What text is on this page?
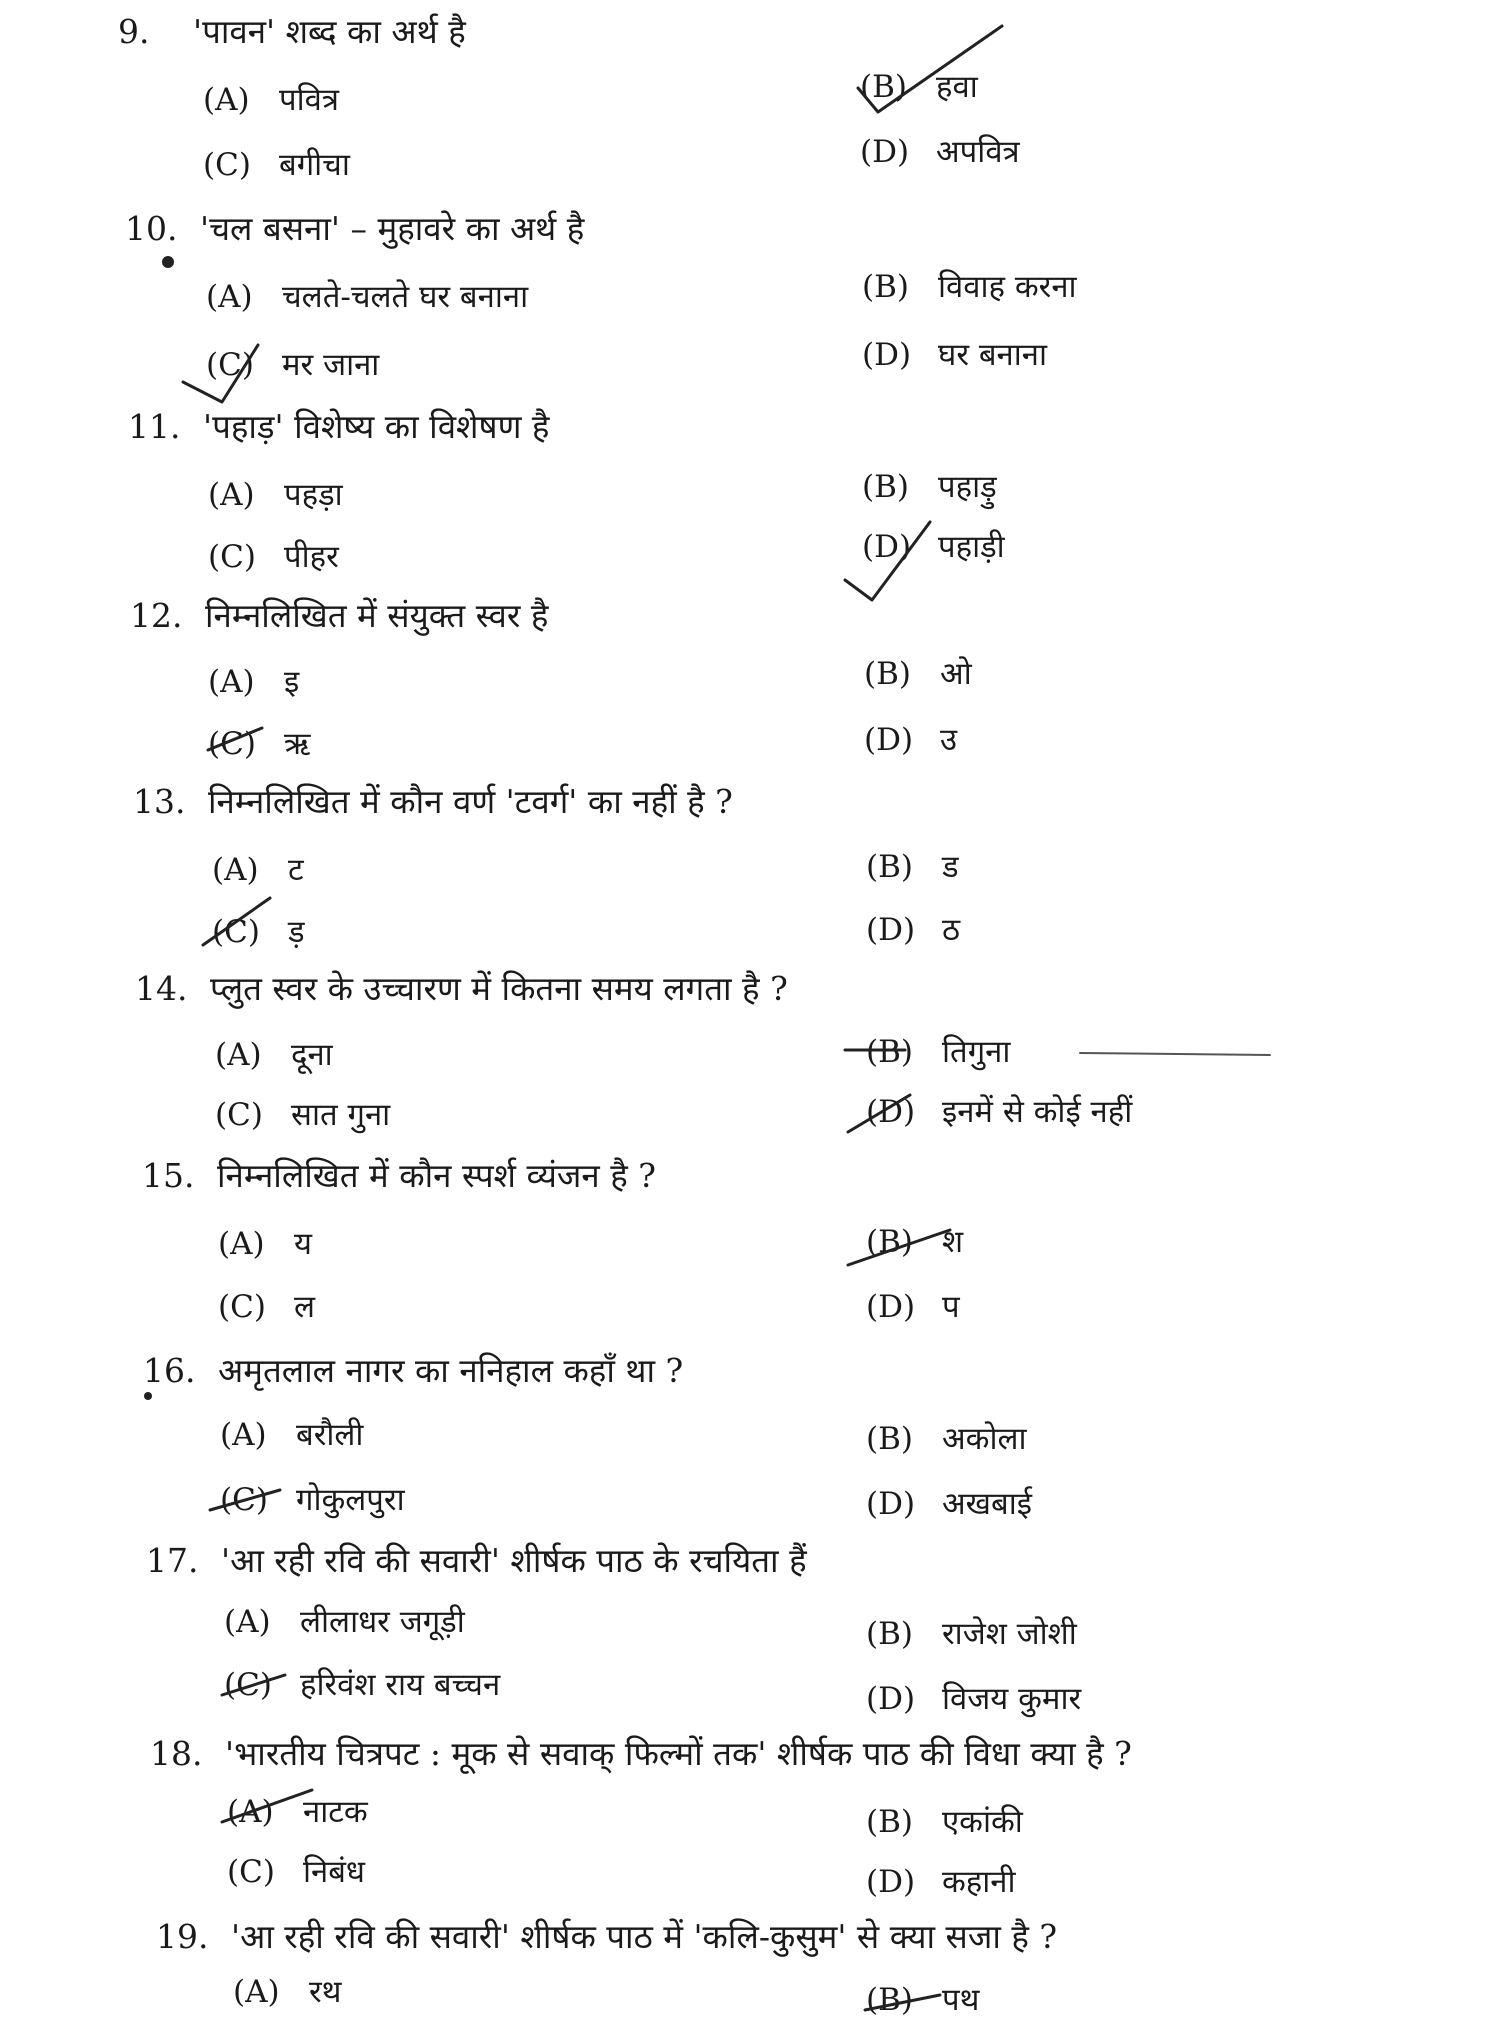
9. 'पावन' शब्द का अर्थ है
(A) पवित्र	(B) हवा
(C) बगीचा	(D) अपवित्र
10. 'चल बसना' – मुहावरे का अर्थ है
(A) चलते-चलते घर बनाना	(B) विवाह करना
(C) मर जाना	(D) घर बनाना
11. 'पहाड़' विशेष्य का विशेषण है
(A) पहड़ा	(B) पहाड़ु
(C) पीहर	(D) पहाड़ी
12. निम्नलिखित में संयुक्त स्वर है
(A) इ	(B) ओ
(C) ऋ	(D) उ
13. निम्नलिखित में कौन वर्ण 'टवर्ग' का नहीं है ?
(A) ट	(B) ड
(C) ड़	(D) ठ
14. प्लुत स्वर के उच्चारण में कितना समय लगता है ?
(A) दूना	(B) तिगुना
(C) सात गुना	(D) इनमें से कोई नहीं
15. निम्नलिखित में कौन स्पर्श व्यंजन है ?
(A) य	(B) श
(C) ल	(D) प
16. अमृतलाल नागर का ननिहाल कहाँ था ?
(A) बरौली	(B) अकोला
(C) गोकुलपुरा	(D) अखबाई
17. 'आ रही रवि की सवारी' शीर्षक पाठ के रचयिता हैं
(A) लीलाधर जगूड़ी	(B) राजेश जोशी
(C) हरिवंश राय बच्चन	(D) विजय कुमार
18. 'भारतीय चित्रपट : मूक से सवाक् फिल्मों तक' शीर्षक पाठ की विधा क्या है ?
(A) नाटक	(B) एकांकी
(C) निबंध	(D) कहानी
19. 'आ रही रवि की सवारी' शीर्षक पाठ में 'कलि-कुसुम' से क्या सजा है ?
(A) रथ	(B) पथ
